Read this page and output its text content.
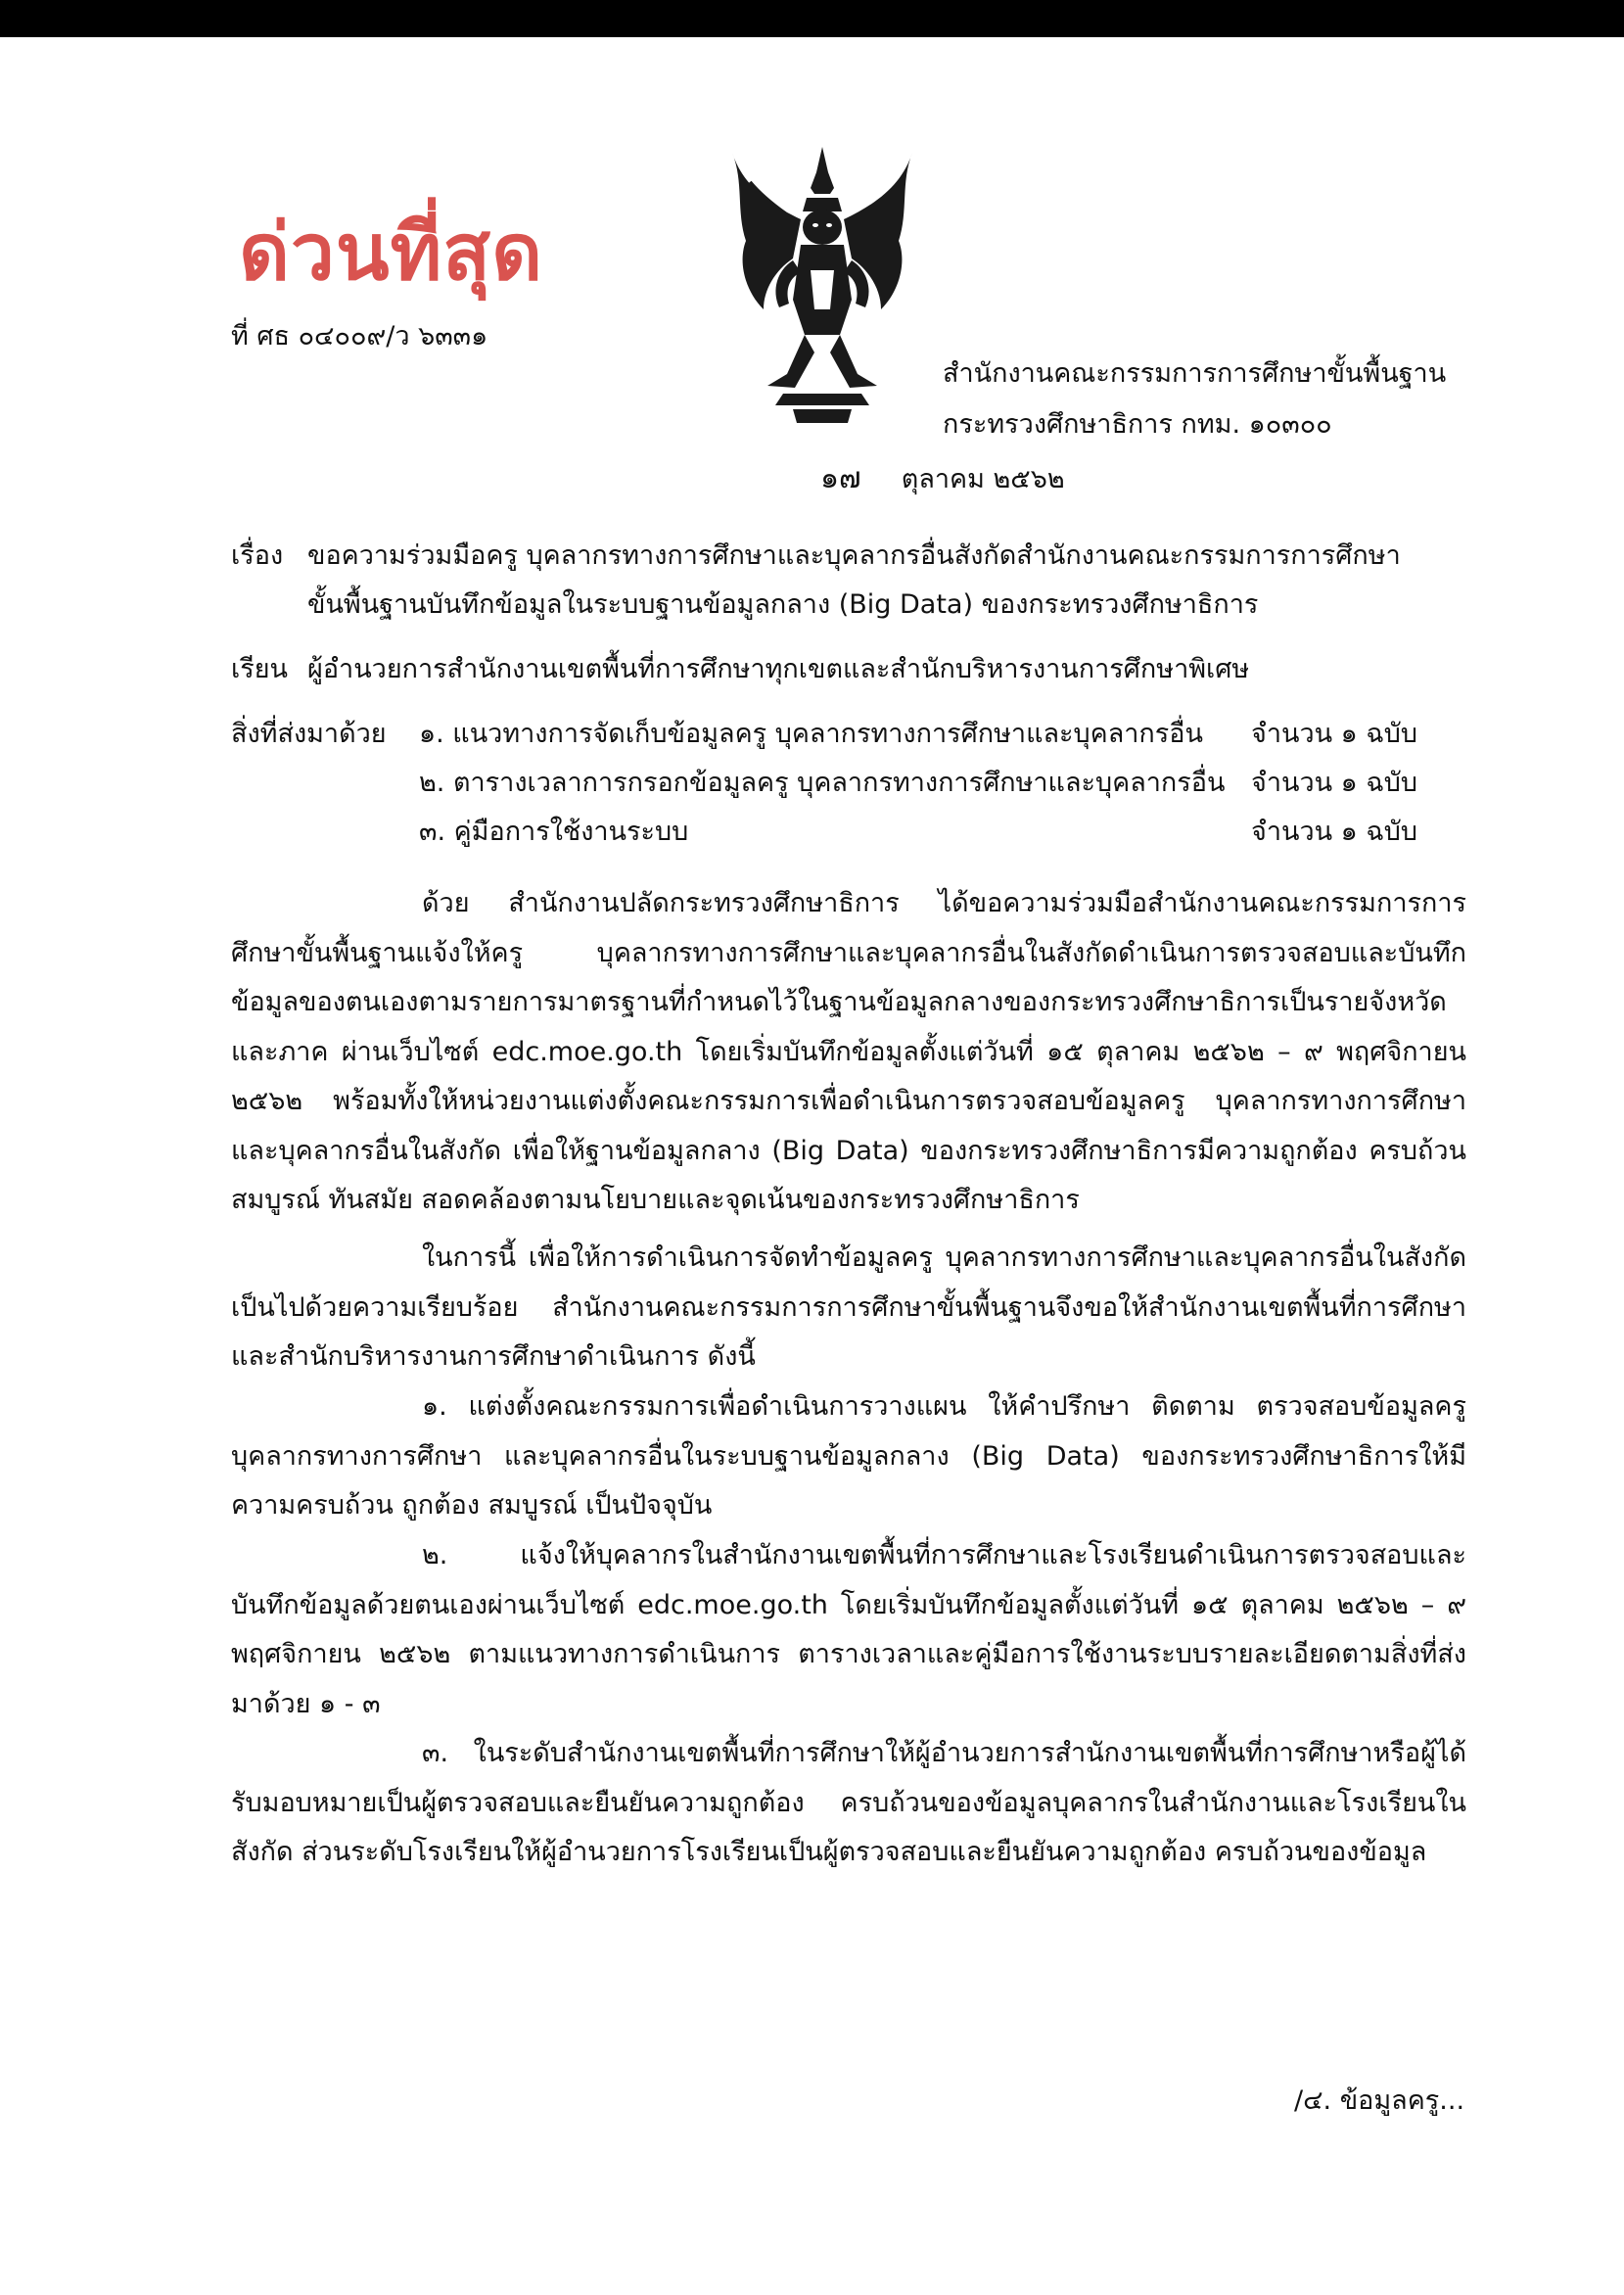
ด่วนที่สุด
ที่ ศธ ๐๔๐๐๙/ว ๖๓๓๑
สำนักงานคณะกรรมการการศึกษาขั้นพื้นฐาน
กระทรวงศึกษาธิการ กทม. ๑๐๓๐๐
๑๗ ตุลาคม ๒๕๖๒
เรื่อง ขอความร่วมมือครู บุคลากรทางการศึกษาและบุคลากรอื่นสังกัดสำนักงานคณะกรรมการการศึกษา
ขั้นพื้นฐานบันทึกข้อมูลในระบบฐานข้อมูลกลาง (Big Data) ของกระทรวงศึกษาธิการ
เรียน ผู้อำนวยการสำนักงานเขตพื้นที่การศึกษาทุกเขตและสำนักบริหารงานการศึกษาพิเศษ
สิ่งที่ส่งมาด้วย ๑. แนวทางการจัดเก็บข้อมูลครู บุคลากรทางการศึกษาและบุคลากรอื่น จำนวน ๑ ฉบับ
๒. ตารางเวลาการกรอกข้อมูลครู บุคลากรทางการศึกษาและบุคลากรอื่น จำนวน ๑ ฉบับ
๓. คู่มือการใช้งานระบบ	จำนวน ๑ ฉบับ
ด้วย สำนักงานปลัดกระทรวงศึกษาธิการ ได้ขอความร่วมมือสำนักงานคณะกรรมการการศึกษาขั้นพื้นฐานแจ้งให้ครู บุคลากรทางการศึกษาและบุคลากรอื่นในสังกัดดำเนินการตรวจสอบและบันทึกข้อมูลของตนเองตามรายการมาตรฐานที่กำหนดไว้ในฐานข้อมูลกลางของกระทรวงศึกษาธิการเป็นรายจังหวัดและภาค ผ่านเว็บไซต์ edc.moe.go.th โดยเริ่มบันทึกข้อมูลตั้งแต่วันที่ ๑๕ ตุลาคม ๒๕๖๒ – ๙ พฤศจิกายน ๒๕๖๒ พร้อมทั้งให้หน่วยงานแต่งตั้งคณะกรรมการเพื่อดำเนินการตรวจสอบข้อมูลครู บุคลากรทางการศึกษา และบุคลากรอื่นในสังกัด เพื่อให้ฐานข้อมูลกลาง (Big Data) ของกระทรวงศึกษาธิการมีความถูกต้อง ครบถ้วน สมบูรณ์ ทันสมัย สอดคล้องตามนโยบายและจุดเน้นของกระทรวงศึกษาธิการ
ในการนี้ เพื่อให้การดำเนินการจัดทำข้อมูลครู บุคลากรทางการศึกษาและบุคลากรอื่นในสังกัดเป็นไปด้วยความเรียบร้อย สำนักงานคณะกรรมการการศึกษาขั้นพื้นฐานจึงขอให้สำนักงานเขตพื้นที่การศึกษาและสำนักบริหารงานการศึกษาดำเนินการ ดังนี้
๑. แต่งตั้งคณะกรรมการเพื่อดำเนินการวางแผน ให้คำปรึกษา ติดตาม ตรวจสอบข้อมูลครู บุคลากรทางการศึกษา และบุคลากรอื่นในระบบฐานข้อมูลกลาง (Big Data) ของกระทรวงศึกษาธิการให้มีความครบถ้วน ถูกต้อง สมบูรณ์ เป็นปัจจุบัน
๒. แจ้งให้บุคลากรในสำนักงานเขตพื้นที่การศึกษาและโรงเรียนดำเนินการตรวจสอบและบันทึกข้อมูลด้วยตนเองผ่านเว็บไซต์ edc.moe.go.th โดยเริ่มบันทึกข้อมูลตั้งแต่วันที่ ๑๕ ตุลาคม ๒๕๖๒ – ๙ พฤศจิกายน ๒๕๖๒ ตามแนวทางการดำเนินการ ตารางเวลาและคู่มือการใช้งานระบบรายละเอียดตามสิ่งที่ส่งมาด้วย ๑ - ๓
๓. ในระดับสำนักงานเขตพื้นที่การศึกษาให้ผู้อำนวยการสำนักงานเขตพื้นที่การศึกษาหรือผู้ได้รับมอบหมายเป็นผู้ตรวจสอบและยืนยันความถูกต้อง ครบถ้วนของข้อมูลบุคลากรในสำนักงานและโรงเรียนในสังกัด ส่วนระดับโรงเรียนให้ผู้อำนวยการโรงเรียนเป็นผู้ตรวจสอบและยืนยันความถูกต้อง ครบถ้วนของข้อมูล
/๔. ข้อมูลครู...
